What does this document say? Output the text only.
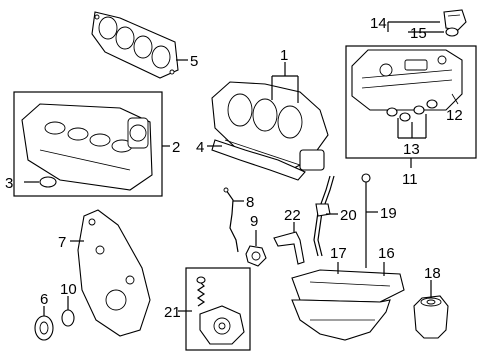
5
2
3
1
4	13
12
11
14
15
7
6
10
8
9 22	20 19
17 16
18
21
